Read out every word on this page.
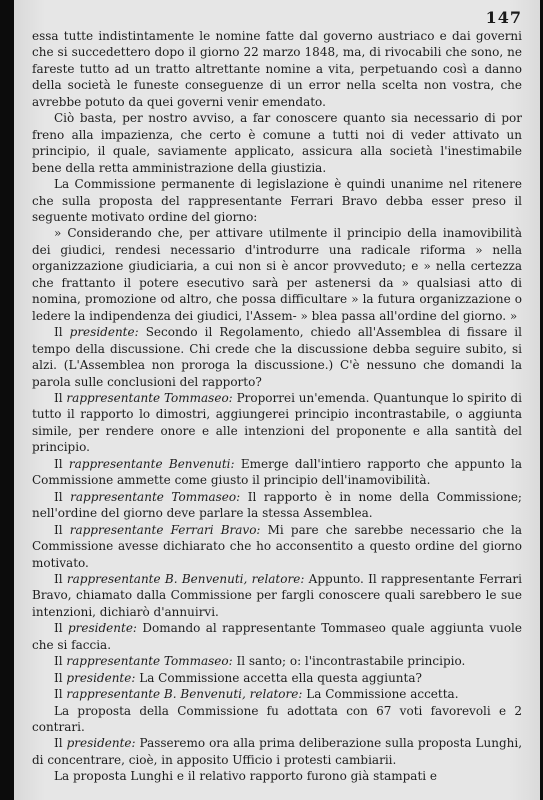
147

essa tutte indistintamente le nomine fatte dal governo austriaco e dai governi che si succedettero dopo il giorno 22 marzo 1848, ma, di rivocabili che sono, ne fareste tutto ad un tratto altrettante nomine a vita, perpetuando così a danno della società le funeste conseguenze di un error nella scelta non vostra, che avrebbe potuto da quei governi venir emendato.

Ciò basta, per nostro avviso, a far conoscere quanto sia necessario di por freno alla impazienza, che certo è comune a tutti noi di veder attivato un principio, il quale, saviamente applicato, assicura alla società l'inestimabile bene della retta amministrazione della giustizia.

La Commissione permanente di legislazione è quindi unanime nel ritenere che sulla proposta del rappresentante Ferrari Bravo debba esser preso il seguente motivato ordine del giorno:

» Considerando che, per attivare utilmente il principio della inamovibilità dei giudici, rendesi necessario d'introdurre una radicale riforma » nella organizzazione giudiciaria, a cui non si è ancor provveduto; e » nella certezza che frattanto il potere esecutivo sarà per astenersi da » qualsiasi atto di nomina, promozione od altro, che possa difficultare » la futura organizzazione o ledere la indipendenza dei giudici, l'Assem- » blea passa all'ordine del giorno. »

Il presidente: Secondo il Regolamento, chiedo all'Assemblea di fissare il tempo della discussione. Chi crede che la discussione debba seguire subito, si alzi. (L'Assemblea non proroga la discussione.) C'è nessuno che domandi la parola sulle conclusioni del rapporto?

Il rappresentante Tommaseo: Proporrei un'emenda. Quantunque lo spirito di tutto il rapporto lo dimostri, aggiungerei principio incontrastabile, o aggiunta simile, per rendere onore e alle intenzioni del proponente e alla santità del principio.

Il rappresentante Benvenuti: Emerge dall'intiero rapporto che appunto la Commissione ammette come giusto il principio dell'inamovibilità.

Il rappresentante Tommaseo: Il rapporto è in nome della Commissione; nell'ordine del giorno deve parlare la stessa Assemblea.

Il rappresentante Ferrari Bravo: Mi pare che sarebbe necessario che la Commissione avesse dichiarato che ho acconsentito a questo ordine del giorno motivato.

Il rappresentante B. Benvenuti, relatore: Appunto. Il rappresentante Ferrari Bravo, chiamato dalla Commissione per fargli conoscere quali sarebbero le sue intenzioni, dichiarò d'annuirvi.

Il presidente: Domando al rappresentante Tommaseo quale aggiunta vuole che si faccia.

Il rappresentante Tommaseo: Il santo; o: l'incontrastabile principio.

Il presidente: La Commissione accetta ella questa aggiunta?

Il rappresentante B. Benvenuti, relatore: La Commissione accetta.

La proposta della Commissione fu adottata con 67 voti favorevoli e 2 contrari.

Il presidente: Passeremo ora alla prima deliberazione sulla proposta Lunghi, di concentrare, cioè, in apposito Ufficio i protesti cambiarii.

La proposta Lunghi e il relativo rapporto furono già stampati e
